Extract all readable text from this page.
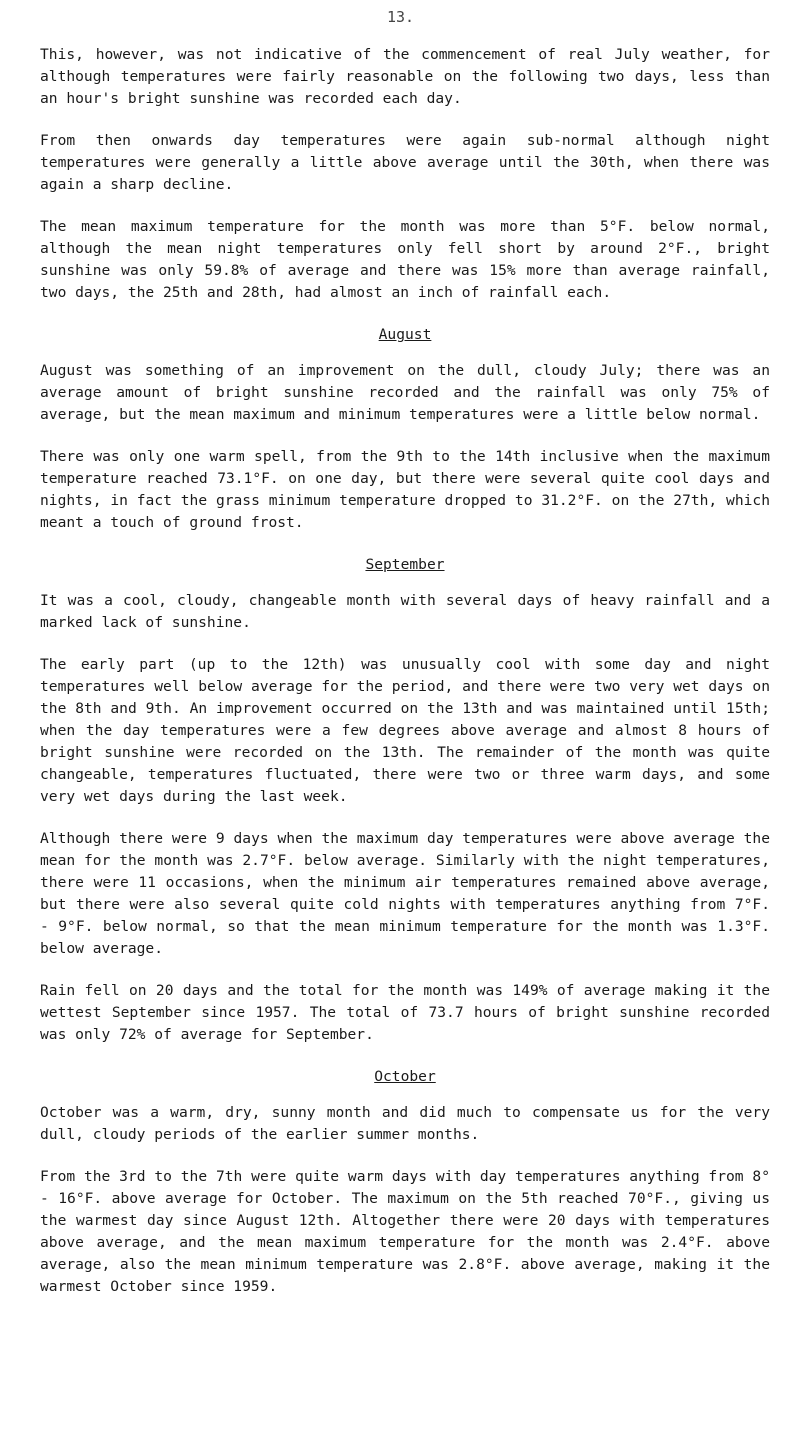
13.

This, however, was not indicative of the commencement of real July weather, for although temperatures were fairly reasonable on the following two days, less than an hour's bright sunshine was recorded each day.

From then onwards day temperatures were again sub-normal although night temperatures were generally a little above average until the 30th, when there was again a sharp decline.

The mean maximum temperature for the month was more than 5°F. below normal, although the mean night temperatures only fell short by around 2°F., bright sunshine was only 59.8% of average and there was 15% more than average rainfall, two days, the 25th and 28th, had almost an inch of rainfall each.

August

August was something of an improvement on the dull, cloudy July; there was an average amount of bright sunshine recorded and the rainfall was only 75% of average, but the mean maximum and minimum temperatures were a little below normal.

There was only one warm spell, from the 9th to the 14th inclusive when the maximum temperature reached 73.1°F. on one day, but there were several quite cool days and nights, in fact the grass minimum temperature dropped to 31.2°F. on the 27th, which meant a touch of ground frost.

September

It was a cool, cloudy, changeable month with several days of heavy rainfall and a marked lack of sunshine.

The early part (up to the 12th) was unusually cool with some day and night temperatures well below average for the period, and there were two very wet days on the 8th and 9th. An improvement occurred on the 13th and was maintained until 15th; when the day temperatures were a few degrees above average and almost 8 hours of bright sunshine were recorded on the 13th. The remainder of the month was quite changeable, temperatures fluctuated, there were two or three warm days, and some very wet days during the last week.

Although there were 9 days when the maximum day temperatures were above average the mean for the month was 2.7°F. below average. Similarly with the night temperatures, there were 11 occasions, when the minimum air temperatures remained above average, but there were also several quite cold nights with temperatures anything from 7°F. - 9°F. below normal, so that the mean minimum temperature for the month was 1.3°F. below average.

Rain fell on 20 days and the total for the month was 149% of average making it the wettest September since 1957. The total of 73.7 hours of bright sunshine recorded was only 72% of average for September.

October

October was a warm, dry, sunny month and did much to compensate us for the very dull, cloudy periods of the earlier summer months.

From the 3rd to the 7th were quite warm days with day temperatures anything from 8° - 16°F. above average for October. The maximum on the 5th reached 70°F., giving us the warmest day since August 12th. Altogether there were 20 days with temperatures above average, and the mean maximum temperature for the month was 2.4°F. above average, also the mean minimum temperature was 2.8°F. above average, making it the warmest October since 1959.
